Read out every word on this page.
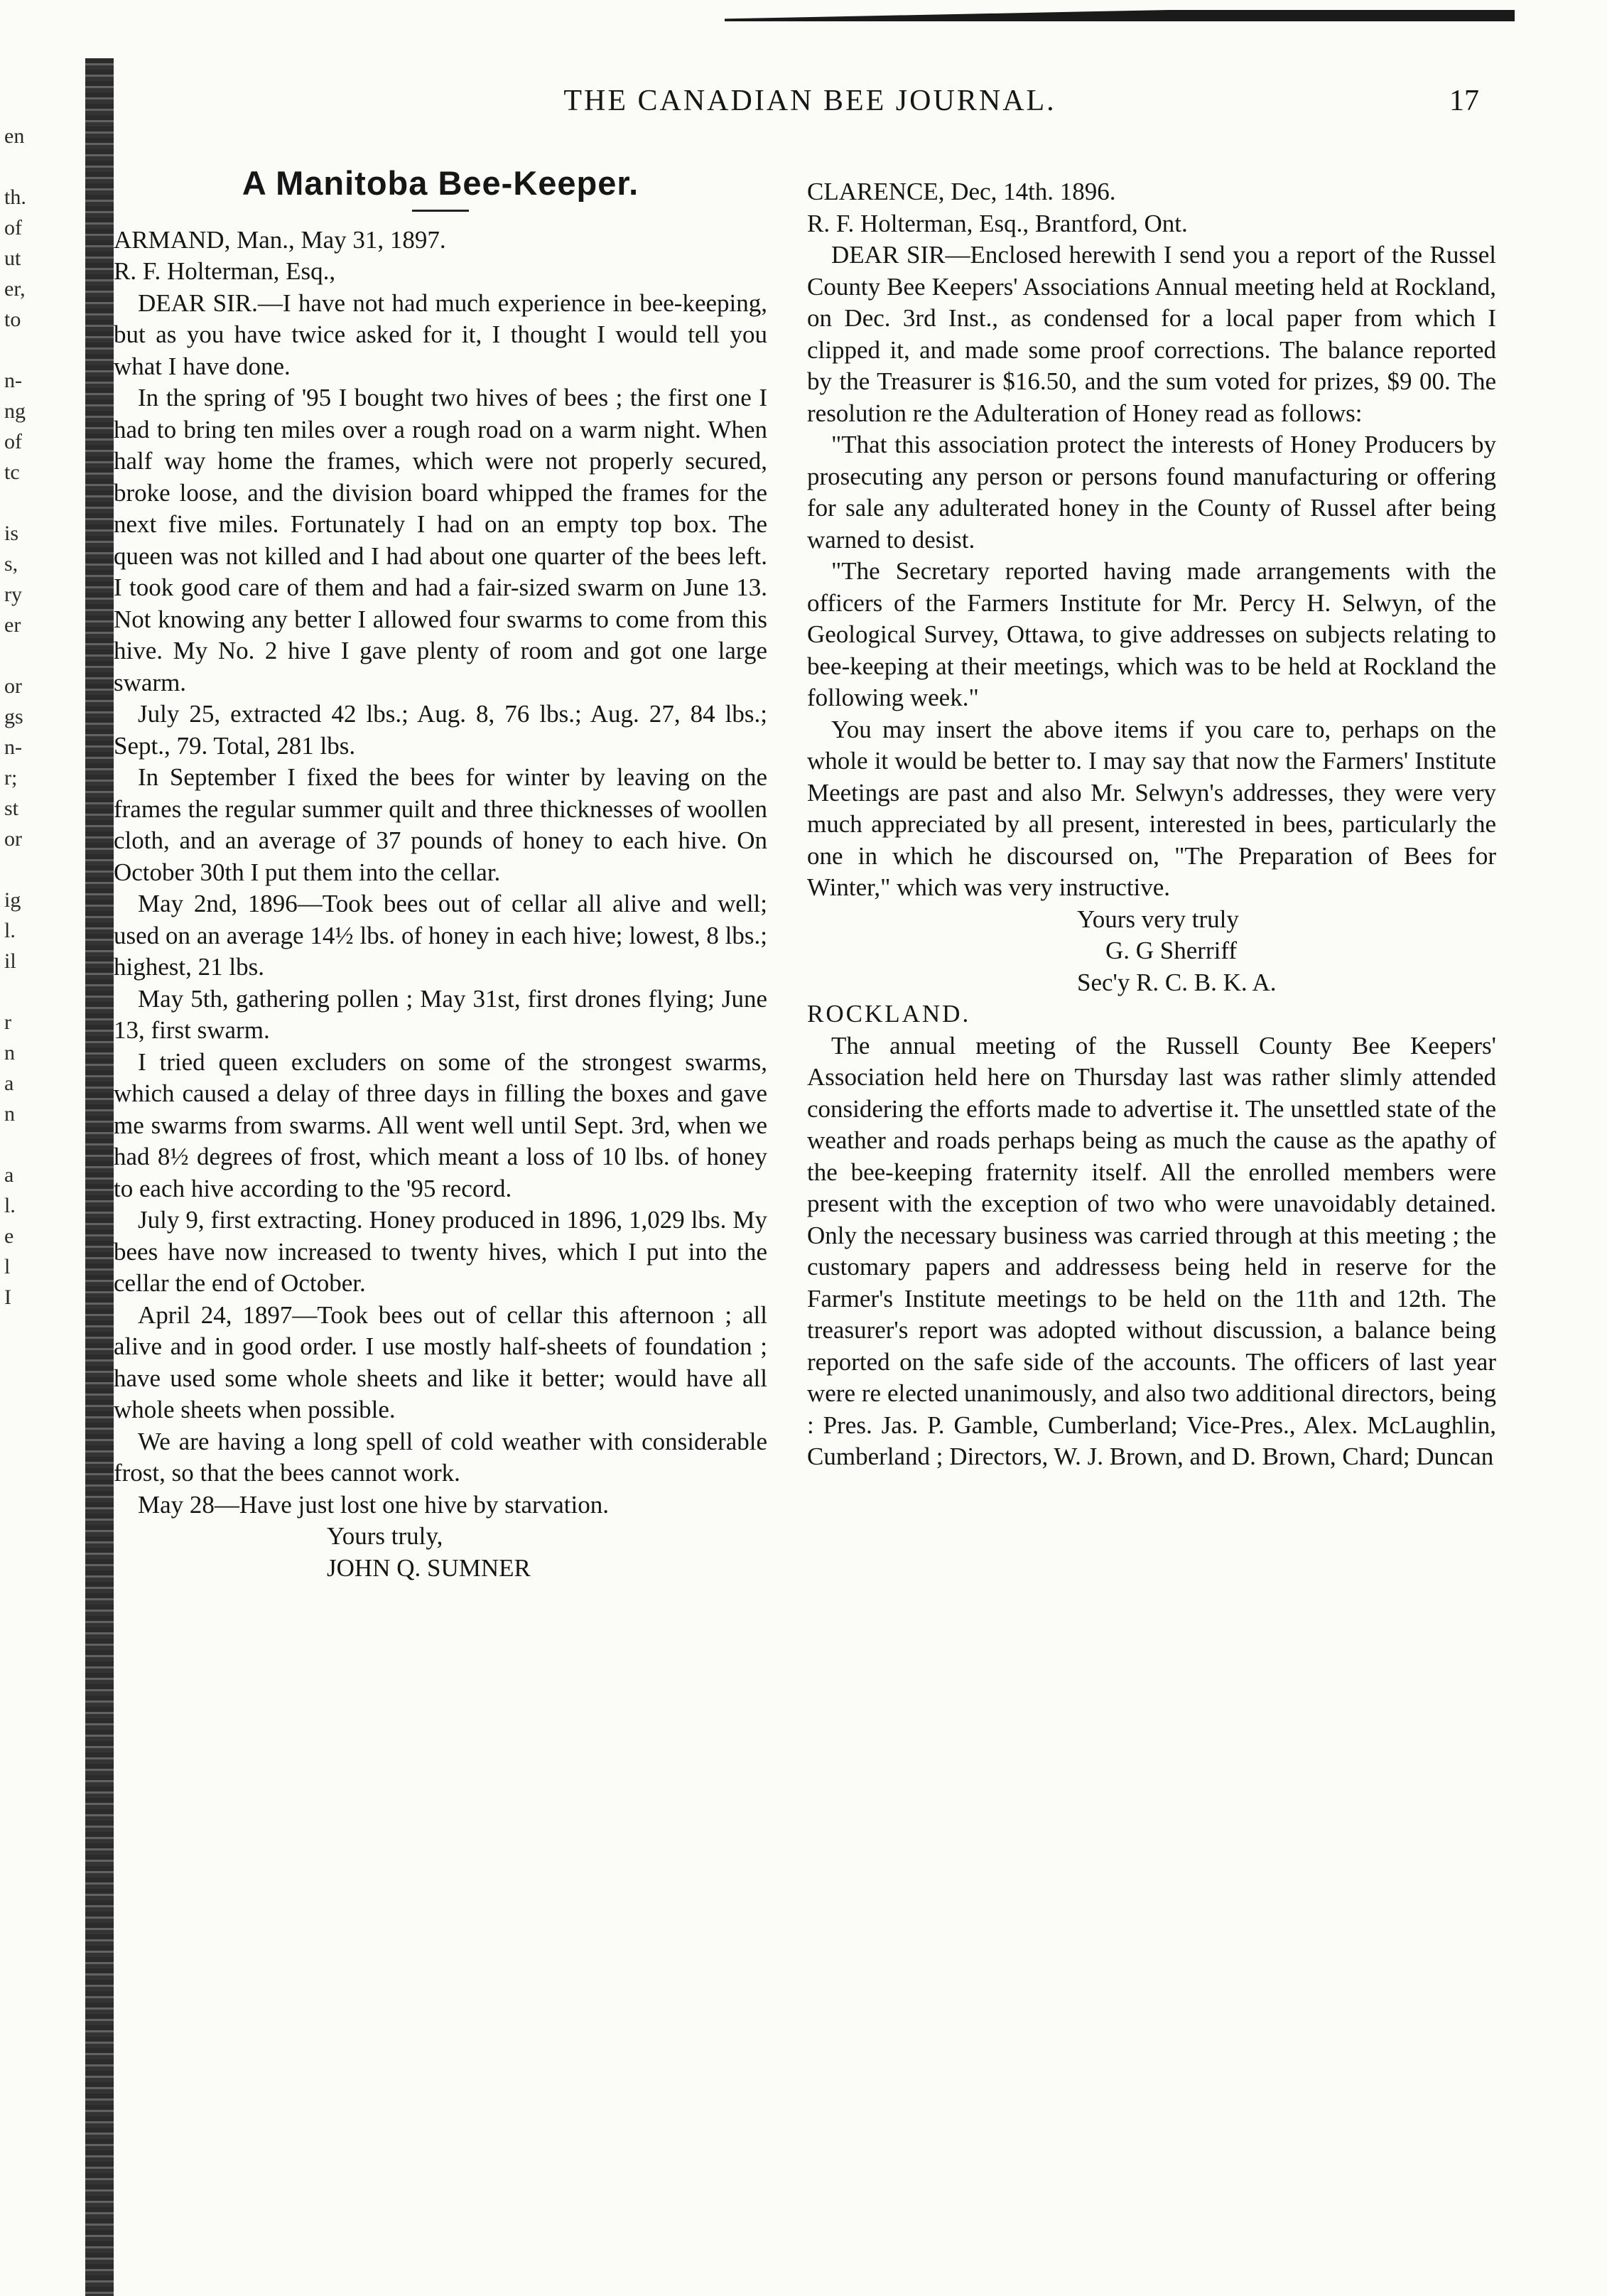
en
th.
of
ut
er,
to
n-
ng
of
tc
is
s,
ry
er
or
gs
n-
r;
st
or
ig
l.
il
r
n
a
n
a
l.
e
l
I
THE CANADIAN BEE JOURNAL.	17
A Manitoba Bee-Keeper.

ARMAND, Man., May 31, 1897.

R. F. Holterman, Esq.,

DEAR SIR.—I have not had much experience in bee-keeping, but as you have twice asked for it, I thought I would tell you what I have done.

In the spring of '95 I bought two hives of bees ; the first one I had to bring ten miles over a rough road on a warm night. When half way home the frames, which were not properly secured, broke loose, and the division board whipped the frames for the next five miles. Fortunately I had on an empty top box. The queen was not killed and I had about one quarter of the bees left. I took good care of them and had a fair-sized swarm on June 13. Not knowing any better I allowed four swarms to come from this hive. My No. 2 hive I gave plenty of room and got one large swarm.

July 25, extracted 42 lbs.; Aug. 8, 76 lbs.; Aug. 27, 84 lbs.; Sept., 79. Total, 281 lbs.

In September I fixed the bees for winter by leaving on the frames the regular summer quilt and three thicknesses of woollen cloth, and an average of 37 pounds of honey to each hive. On October 30th I put them into the cellar.

May 2nd, 1896—Took bees out of cellar all alive and well; used on an average 14½ lbs. of honey in each hive; lowest, 8 lbs.; highest, 21 lbs.

May 5th, gathering pollen ; May 31st, first drones flying; June 13, first swarm.

I tried queen excluders on some of the strongest swarms, which caused a delay of three days in filling the boxes and gave me swarms from swarms. All went well until Sept. 3rd, when we had 8½ degrees of frost, which meant a loss of 10 lbs. of honey to each hive according to the '95 record.

July 9, first extracting. Honey produced in 1896, 1,029 lbs. My bees have now increased to twenty hives, which I put into the cellar the end of October.

April 24, 1897—Took bees out of cellar this afternoon ; all alive and in good order. I use mostly half-sheets of foundation ; have used some whole sheets and like it better; would have all whole sheets when possible.

We are having a long spell of cold weather with considerable frost, so that the bees cannot work.

May 28—Have just lost one hive by starvation.

Yours truly,

JOHN Q. SUMNER

CLARENCE, Dec, 14th. 1896.

R. F. Holterman, Esq., Brantford, Ont.

DEAR SIR—Enclosed herewith I send you a report of the Russel County Bee Keepers' Associations Annual meeting held at Rockland, on Dec. 3rd Inst., as condensed for a local paper from which I clipped it, and made some proof corrections. The balance reported by the Treasurer is $16.50, and the sum voted for prizes, $9 00. The resolution re the Adulteration of Honey read as follows:

"That this association protect the interests of Honey Producers by prosecuting any person or persons found manufacturing or offering for sale any adulterated honey in the County of Russel after being warned to desist.

"The Secretary reported having made arrangements with the officers of the Farmers Institute for Mr. Percy H. Selwyn, of the Geological Survey, Ottawa, to give addresses on subjects relating to bee-keeping at their meetings, which was to be held at Rockland the following week."

You may insert the above items if you care to, perhaps on the whole it would be better to. I may say that now the Farmers' Institute Meetings are past and also Mr. Selwyn's addresses, they were very much appreciated by all present, interested in bees, particularly the one in which he discoursed on, "The Preparation of Bees for Winter," which was very instructive.

Yours very truly

G. G Sherriff

Sec'y R. C. B. K. A.

ROCKLAND.

The annual meeting of the Russell County Bee Keepers' Association held here on Thursday last was rather slimly attended considering the efforts made to advertise it. The unsettled state of the weather and roads perhaps being as much the cause as the apathy of the bee-keeping fraternity itself. All the enrolled members were present with the exception of two who were unavoidably detained. Only the necessary business was carried through at this meeting ; the customary papers and addressess being held in reserve for the Farmer's Institute meetings to be held on the 11th and 12th. The treasurer's report was adopted without discussion, a balance being reported on the safe side of the accounts. The officers of last year were re elected unanimously, and also two additional directors, being : Pres. Jas. P. Gamble, Cumberland; Vice-Pres., Alex. McLaughlin, Cumberland ; Directors, W. J. Brown, and D. Brown, Chard; Duncan
